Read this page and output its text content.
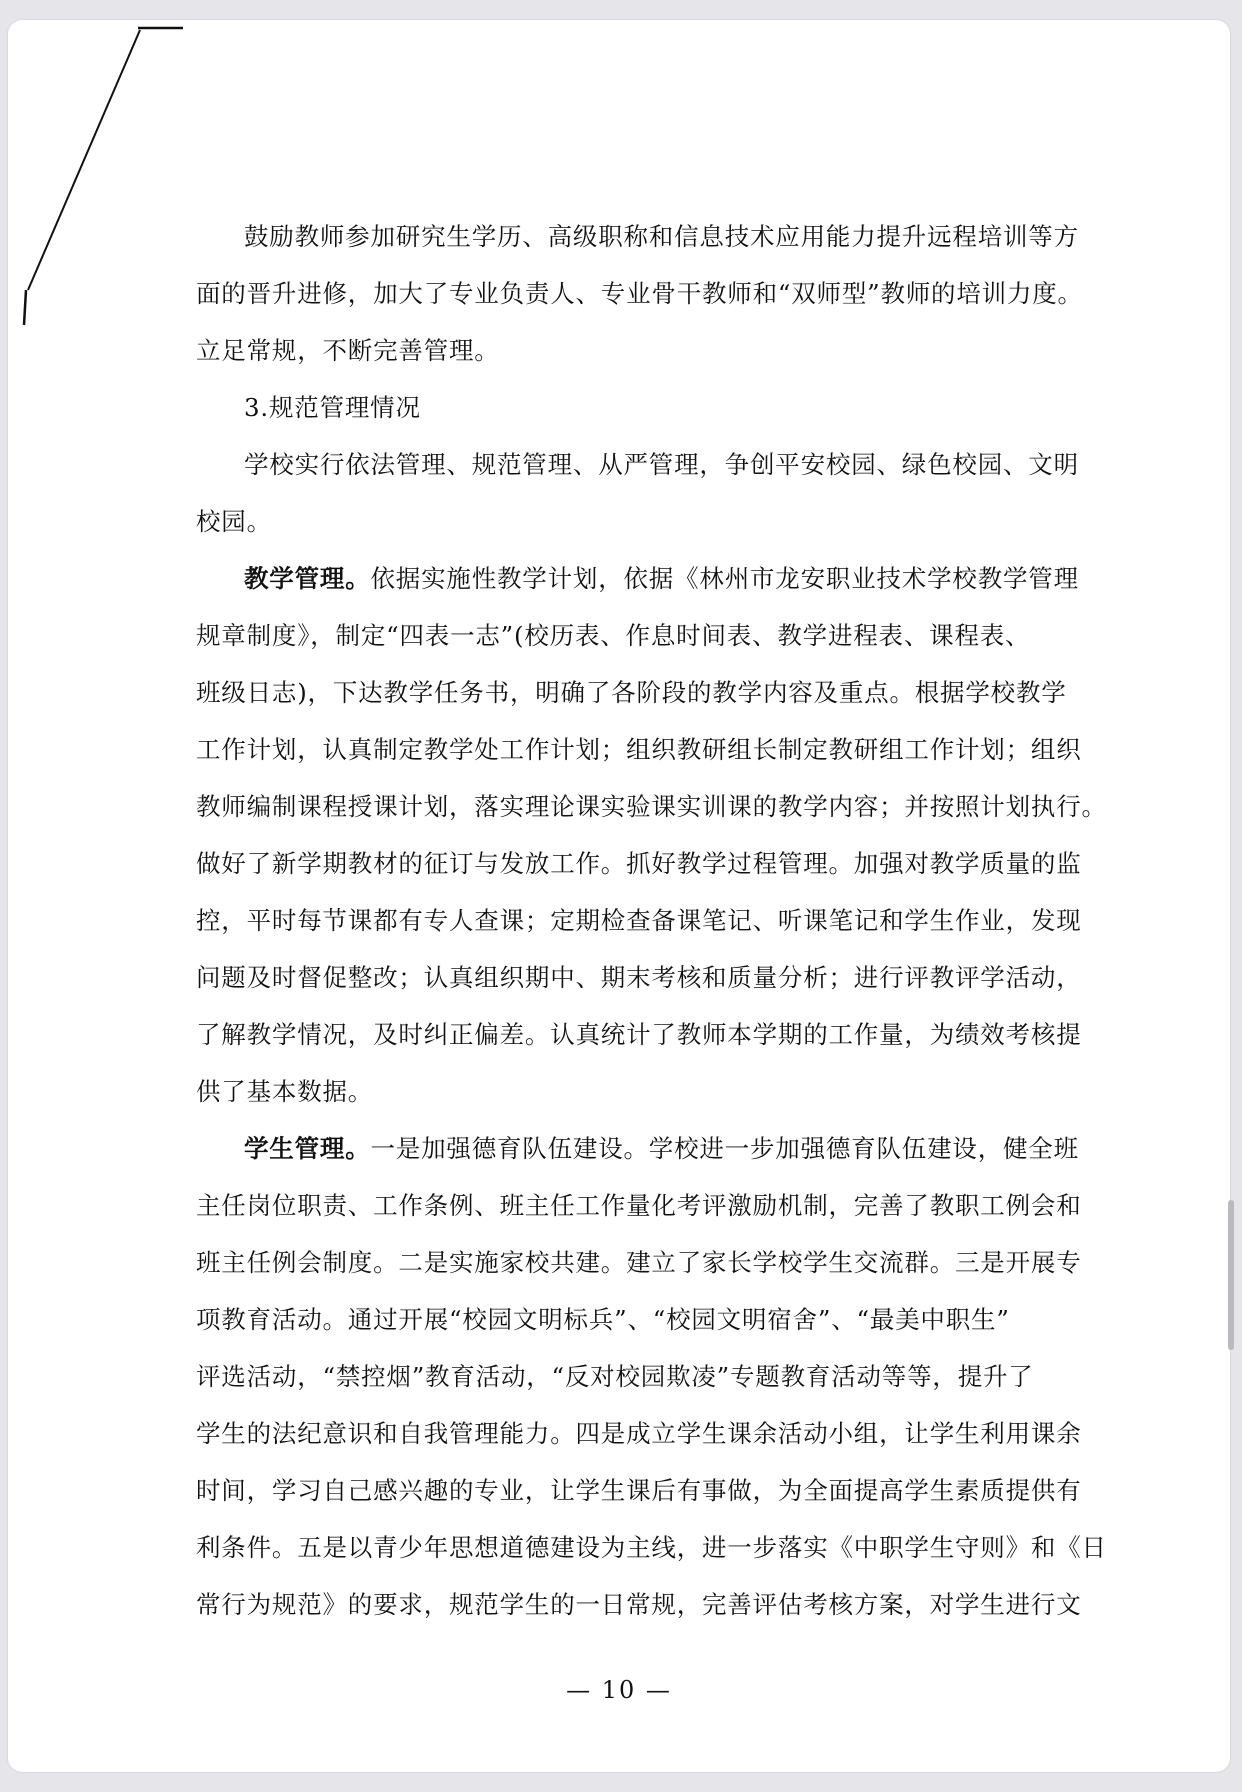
鼓励教师参加研究生学历、高级职称和信息技术应用能力提升远程培训等方
面的晋升进修，加大了专业负责人、专业骨干教师和“双师型”教师的培训力度。
立足常规，不断完善管理。
3.规范管理情况
学校实行依法管理、规范管理、从严管理，争创平安校园、绿色校园、文明
校园。
教学管理。依据实施性教学计划，依据《林州市龙安职业技术学校教学管理
规章制度》，制定“四表一志”(校历表、作息时间表、教学进程表、课程表、
班级日志)，下达教学任务书，明确了各阶段的教学内容及重点。根据学校教学
工作计划，认真制定教学处工作计划；组织教研组长制定教研组工作计划；组织
教师编制课程授课计划，落实理论课实验课实训课的教学内容；并按照计划执行。
做好了新学期教材的征订与发放工作。抓好教学过程管理。加强对教学质量的监
控，平时每节课都有专人查课；定期检查备课笔记、听课笔记和学生作业，发现
问题及时督促整改；认真组织期中、期末考核和质量分析；进行评教评学活动，
了解教学情况，及时纠正偏差。认真统计了教师本学期的工作量，为绩效考核提
供了基本数据。
学生管理。一是加强德育队伍建设。学校进一步加强德育队伍建设，健全班
主任岗位职责、工作条例、班主任工作量化考评激励机制，完善了教职工例会和
班主任例会制度。二是实施家校共建。建立了家长学校学生交流群。三是开展专
项教育活动。通过开展“校园文明标兵”、“校园文明宿舍”、“最美中职生”
评选活动，“禁控烟”教育活动，“反对校园欺凌”专题教育活动等等，提升了
学生的法纪意识和自我管理能力。四是成立学生课余活动小组，让学生利用课余
时间，学习自己感兴趣的专业，让学生课后有事做，为全面提高学生素质提供有
利条件。五是以青少年思想道德建设为主线，进一步落实《中职学生守则》和《日
常行为规范》的要求，规范学生的一日常规，完善评估考核方案，对学生进行文
— 10 —
